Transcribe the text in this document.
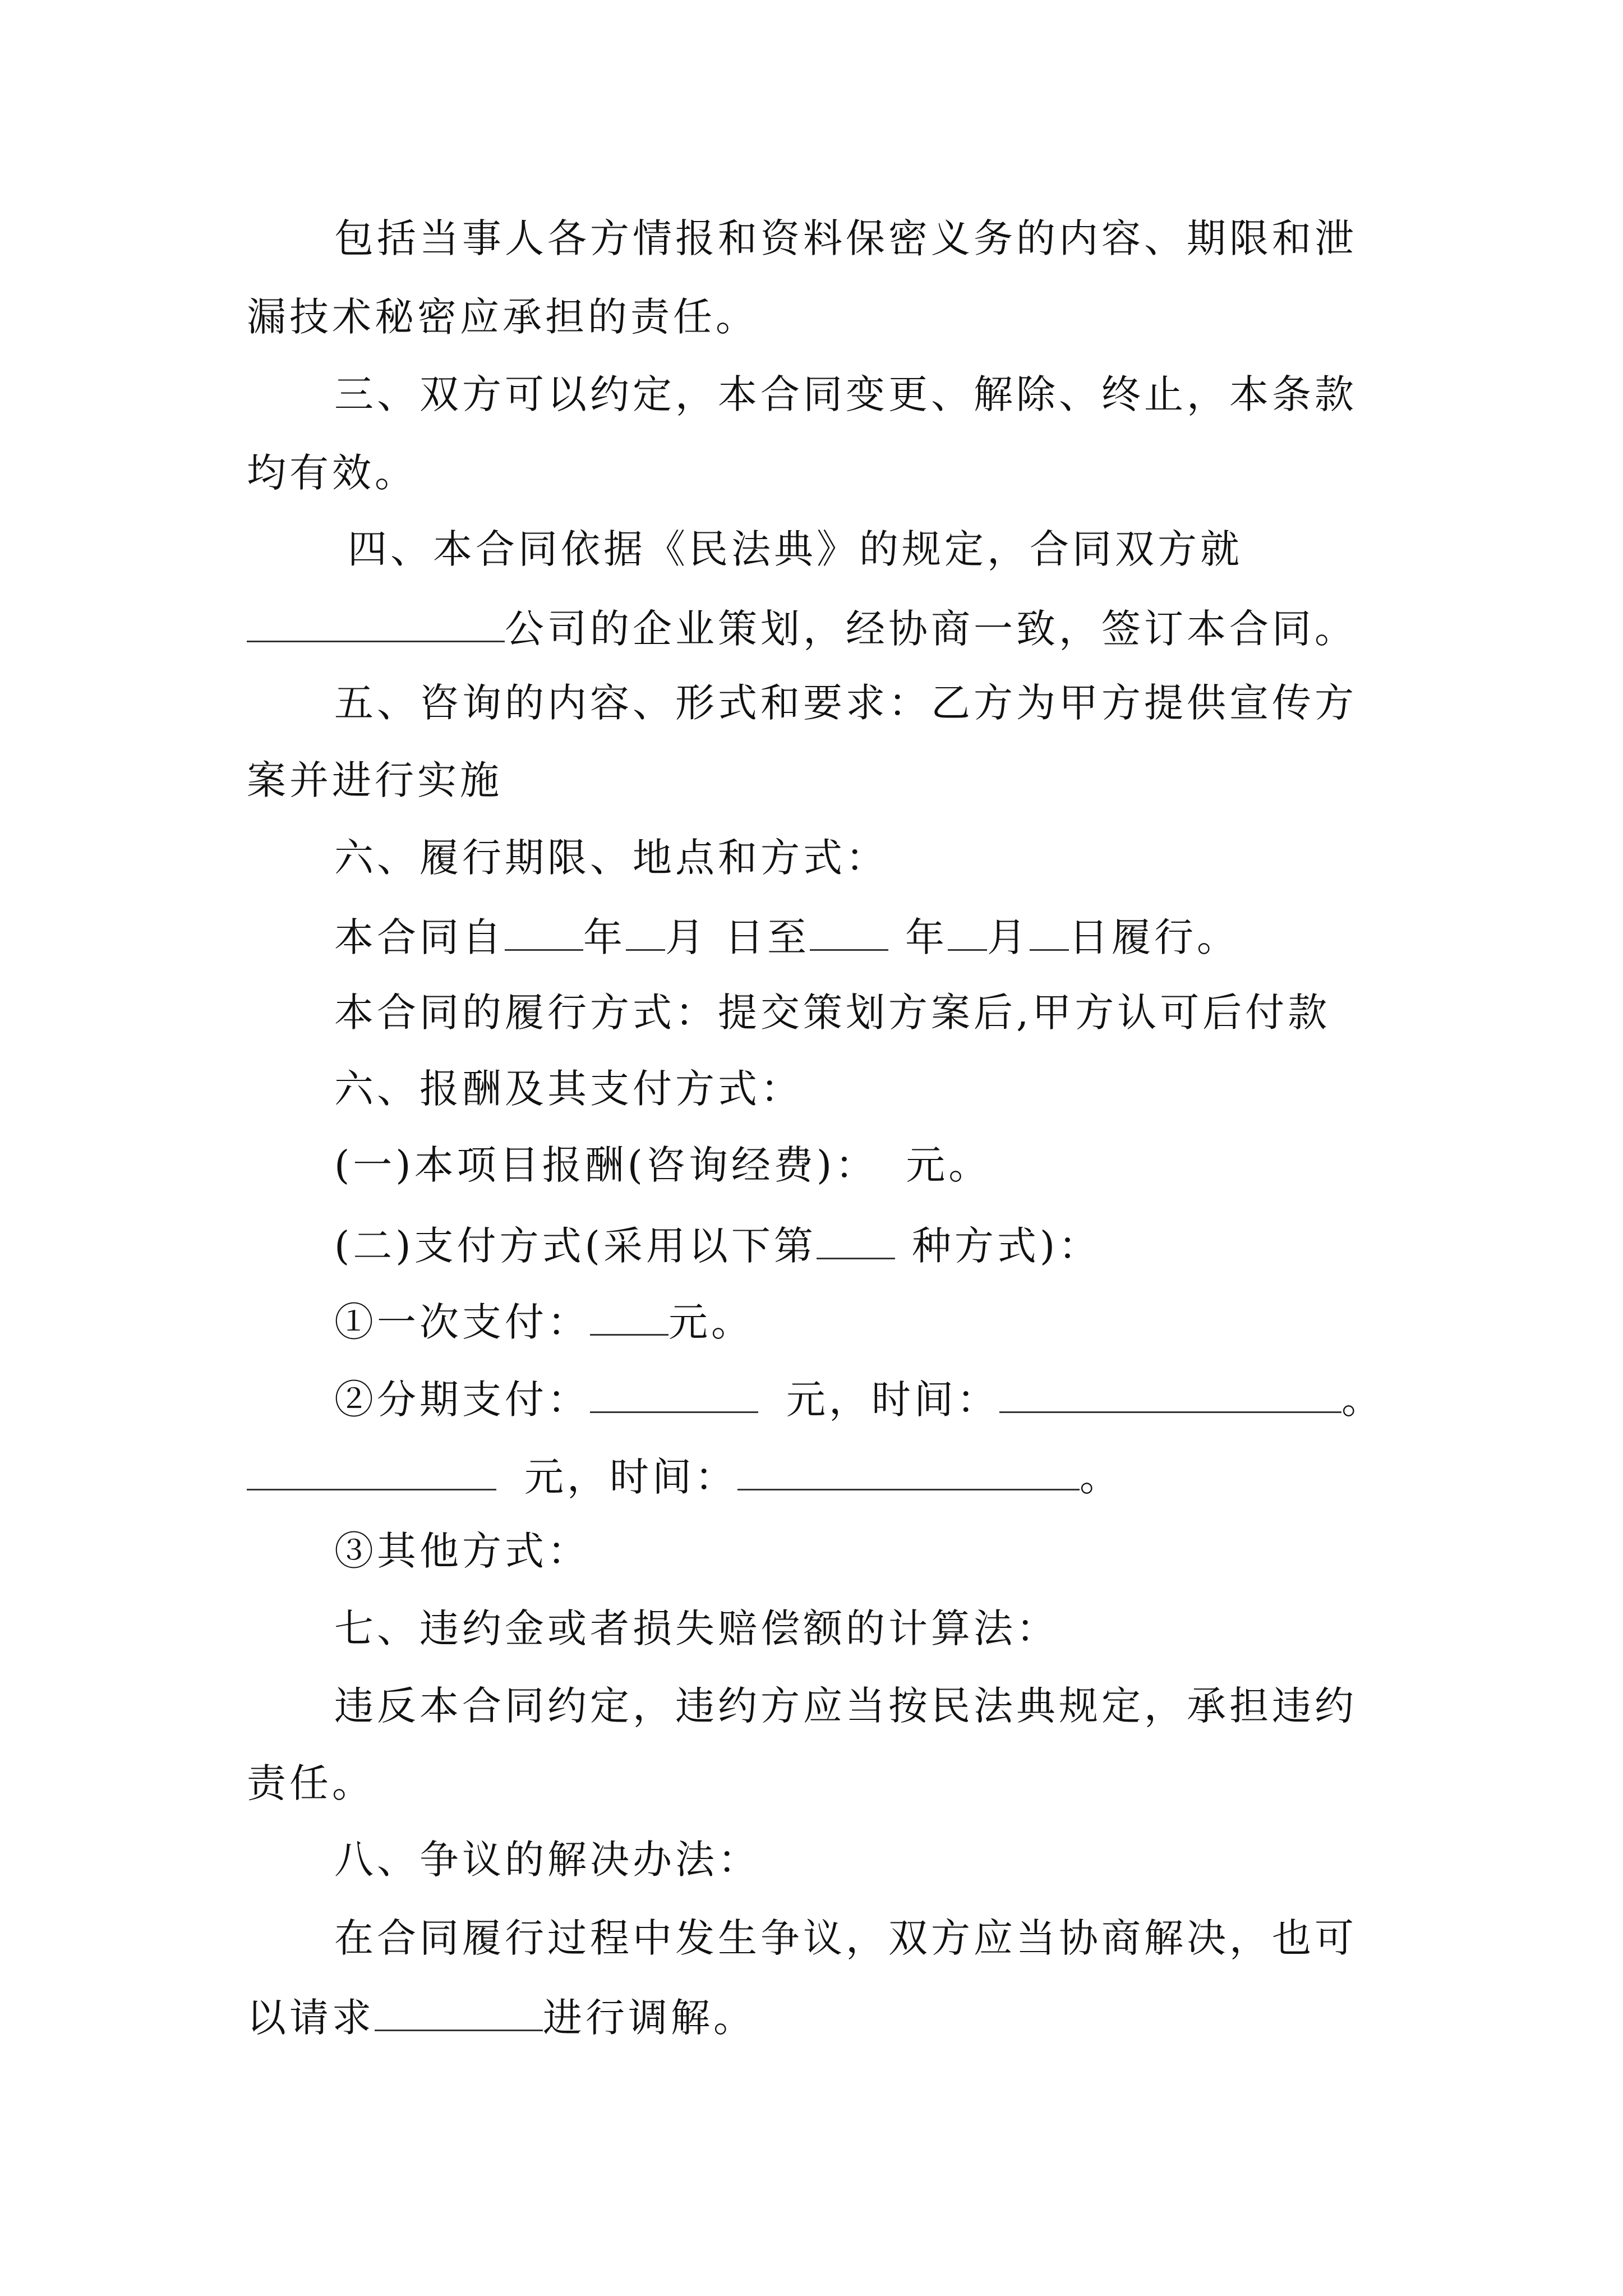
包括当事人各方情报和资料保密义务的内容、期限和泄
漏技术秘密应承担的责任。
三、双方可以约定，本合同变更、解除、终止，本条款
均有效。
四、本合同依据《民法典》的规定，合同双方就
公司的企业策划，经协商一致，签订本合同。
五、咨询的内容、形式和要求：乙方为甲方提供宣传方
案并进行实施
六、履行期限、地点和方式：
本合同自 年 月 日至 年 月 日履行。
本合同的履行方式：提交策划方案后,甲方认可后付款
六、报酬及其支付方式：
(一)本项目报酬(咨询经费)： 元。
(二)支付方式(采用以下第 种方式)：
①一次支付： 元。
②分期支付：	元，时间：	。
元，时间：	。
③其他方式：
七、违约金或者损失赔偿额的计算法：
违反本合同约定，违约方应当按民法典规定，承担违约
责任。
八、争议的解决办法：
在合同履行过程中发生争议，双方应当协商解决，也可
以请求	进行调解。
